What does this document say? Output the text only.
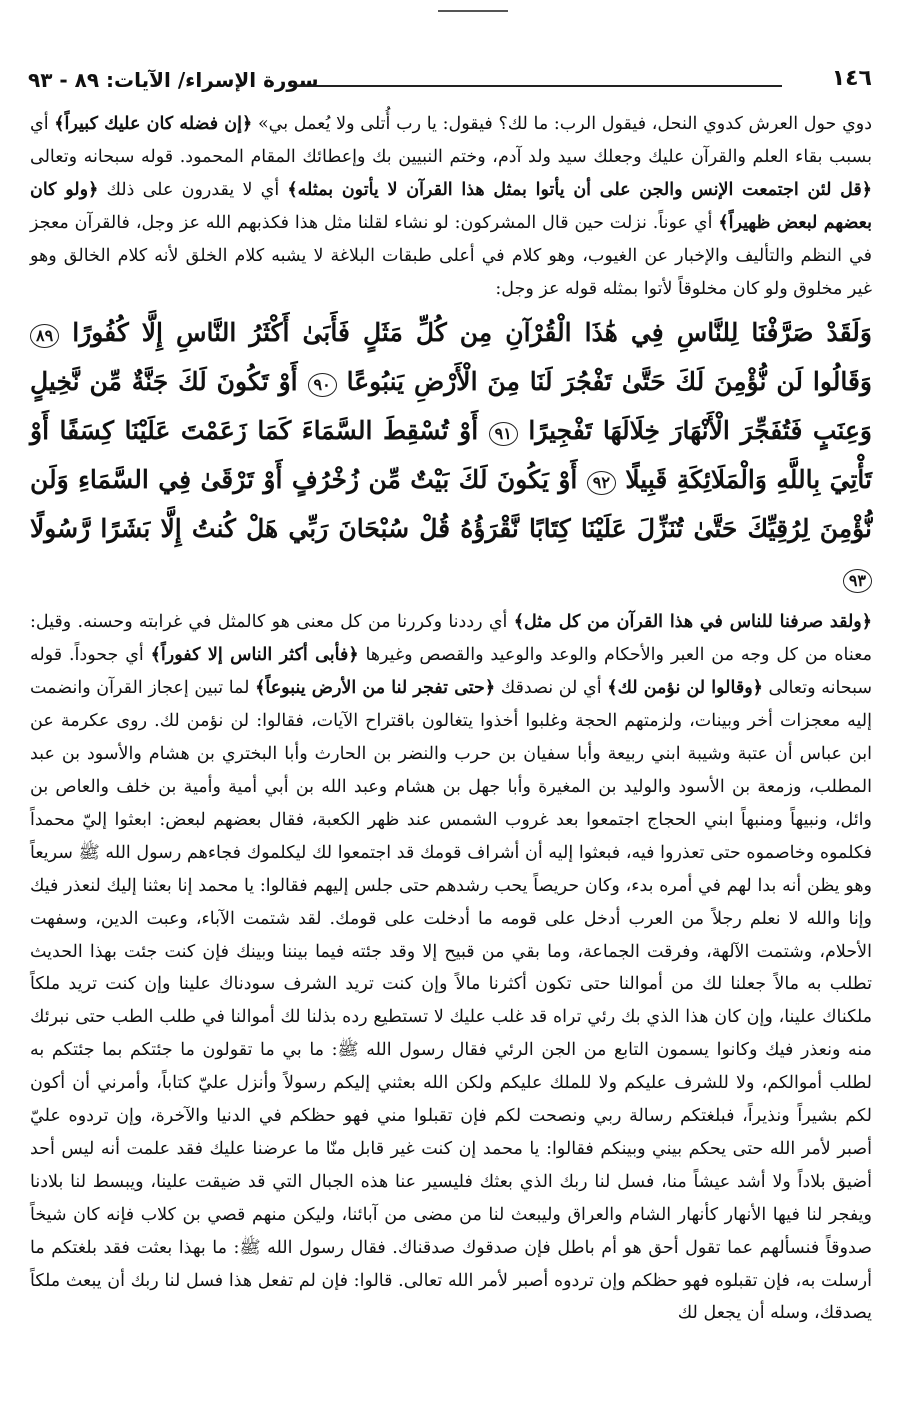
سورة الإسراء/ الآيات: ٨٩ - ٩٣	١٤٦

دوي حول العرش كدوي النحل، فيقول الرب: ما لك؟ فيقول: يا رب أُتلى ولا يُعمل بي» ﴿إن فضله كان عليك كبيراً﴾ أي بسبب بقاء العلم والقرآن عليك وجعلك سيد ولد آدم، وختم النبيين بك وإعطائك المقام المحمود. قوله سبحانه وتعالى ﴿قل لئن اجتمعت الإنس والجن على أن يأتوا بمثل هذا القرآن لا يأتون بمثله﴾ أي لا يقدرون على ذلك ﴿ولو كان بعضهم لبعض ظهيراً﴾ أي عوناً. نزلت حين قال المشركون: لو نشاء لقلنا مثل هذا فكذبهم الله عز وجل، فالقرآن معجز في النظم والتأليف والإخبار عن الغيوب، وهو كلام في أعلى طبقات البلاغة لا يشبه كلام الخلق لأنه كلام الخالق وهو غير مخلوق ولو كان مخلوقاً لأتوا بمثله قوله عز وجل:

وَلَقَدْ صَرَّفْنَا لِلنَّاسِ فِي هَٰذَا الْقُرْآنِ مِن كُلِّ مَثَلٍ فَأَبَىٰ أَكْثَرُ النَّاسِ إِلَّا كُفُورًا ٨٩ وَقَالُوا لَن نُّؤْمِنَ لَكَ حَتَّىٰ تَفْجُرَ لَنَا مِنَ الْأَرْضِ يَنبُوعًا ٩٠ أَوْ تَكُونَ لَكَ جَنَّةٌ مِّن نَّخِيلٍ وَعِنَبٍ فَتُفَجِّرَ الْأَنْهَارَ خِلَالَهَا تَفْجِيرًا ٩١ أَوْ تُسْقِطَ السَّمَاءَ كَمَا زَعَمْتَ عَلَيْنَا كِسَفًا أَوْ تَأْتِيَ بِاللَّهِ وَالْمَلَائِكَةِ قَبِيلًا ٩٢ أَوْ يَكُونَ لَكَ بَيْتٌ مِّن زُخْرُفٍ أَوْ تَرْقَىٰ فِي السَّمَاءِ وَلَن نُّؤْمِنَ لِرُقِيِّكَ حَتَّىٰ تُنَزِّلَ عَلَيْنَا كِتَابًا نَّقْرَؤُهُ قُلْ سُبْحَانَ رَبِّي هَلْ كُنتُ إِلَّا بَشَرًا رَّسُولًا ٩٣

﴿ولقد صرفنا للناس في هذا القرآن من كل مثل﴾ أي رددنا وكررنا من كل معنى هو كالمثل في غرابته وحسنه. وقيل: معناه من كل وجه من العبر والأحكام والوعد والوعيد والقصص وغيرها ﴿فأبى أكثر الناس إلا كفوراً﴾ أي جحوداً. قوله سبحانه وتعالى ﴿وقالوا لن نؤمن لك﴾ أي لن نصدقك ﴿حتى تفجر لنا من الأرض ينبوعاً﴾ لما تبين إعجاز القرآن وانضمت إليه معجزات أخر وبينات، ولزمتهم الحجة وغلبوا أخذوا يتغالون باقتراح الآيات، فقالوا: لن نؤمن لك. روى عكرمة عن ابن عباس أن عتبة وشيبة ابني ربيعة وأبا سفيان بن حرب والنضر بن الحارث وأبا البختري بن هشام والأسود بن عبد المطلب، وزمعة بن الأسود والوليد بن المغيرة وأبا جهل بن هشام وعبد الله بن أبي أمية وأمية بن خلف والعاص بن وائل، ونبيهاً ومنبهاً ابني الحجاج اجتمعوا بعد غروب الشمس عند ظهر الكعبة، فقال بعضهم لبعض: ابعثوا إليّ محمداً فكلموه وخاصموه حتى تعذروا فيه، فبعثوا إليه أن أشراف قومك قد اجتمعوا لك ليكلموك فجاءهم رسول الله ﷺ سريعاً وهو يظن أنه بدا لهم في أمره بدء، وكان حريصاً يحب رشدهم حتى جلس إليهم فقالوا: يا محمد إنا بعثنا إليك لنعذر فيك وإنا والله لا نعلم رجلاً من العرب أدخل على قومه ما أدخلت على قومك. لقد شتمت الآباء، وعبت الدين، وسفهت الأحلام، وشتمت الآلهة، وفرقت الجماعة، وما بقي من قبيح إلا وقد جئته فيما بيننا وبينك فإن كنت جئت بهذا الحديث تطلب به مالاً جعلنا لك من أموالنا حتى تكون أكثرنا مالاً وإن كنت تريد الشرف سودناك علينا وإن كنت تريد ملكاً ملكناك علينا، وإن كان هذا الذي بك رئي تراه قد غلب عليك لا تستطيع رده بذلنا لك أموالنا في طلب الطب حتى نبرئك منه ونعذر فيك وكانوا يسمون التابع من الجن الرئي فقال رسول الله ﷺ: ما بي ما تقولون ما جئتكم بما جئتكم به لطلب أموالكم، ولا للشرف عليكم ولا للملك عليكم ولكن الله بعثني إليكم رسولاً وأنزل عليّ كتاباً، وأمرني أن أكون لكم بشيراً ونذيراً، فبلغتكم رسالة ربي ونصحت لكم فإن تقبلوا مني فهو حظكم في الدنيا والآخرة، وإن تردوه عليّ أصبر لأمر الله حتى يحكم بيني وبينكم فقالوا: يا محمد إن كنت غير قابل منّا ما عرضنا عليك فقد علمت أنه ليس أحد أضيق بلاداً ولا أشد عيشاً منا، فسل لنا ربك الذي بعثك فليسير عنا هذه الجبال التي قد ضيقت علينا، ويبسط لنا بلادنا ويفجر لنا فيها الأنهار كأنهار الشام والعراق وليبعث لنا من مضى من آبائنا، وليكن منهم قصي بن كلاب فإنه كان شيخاً صدوقاً فنسألهم عما تقول أحق هو أم باطل فإن صدقوك صدقناك. فقال رسول الله ﷺ: ما بهذا بعثت فقد بلغتكم ما أرسلت به، فإن تقبلوه فهو حظكم وإن تردوه أصبر لأمر الله تعالى. قالوا: فإن لم تفعل هذا فسل لنا ربك أن يبعث ملكاً يصدقك، وسله أن يجعل لك
